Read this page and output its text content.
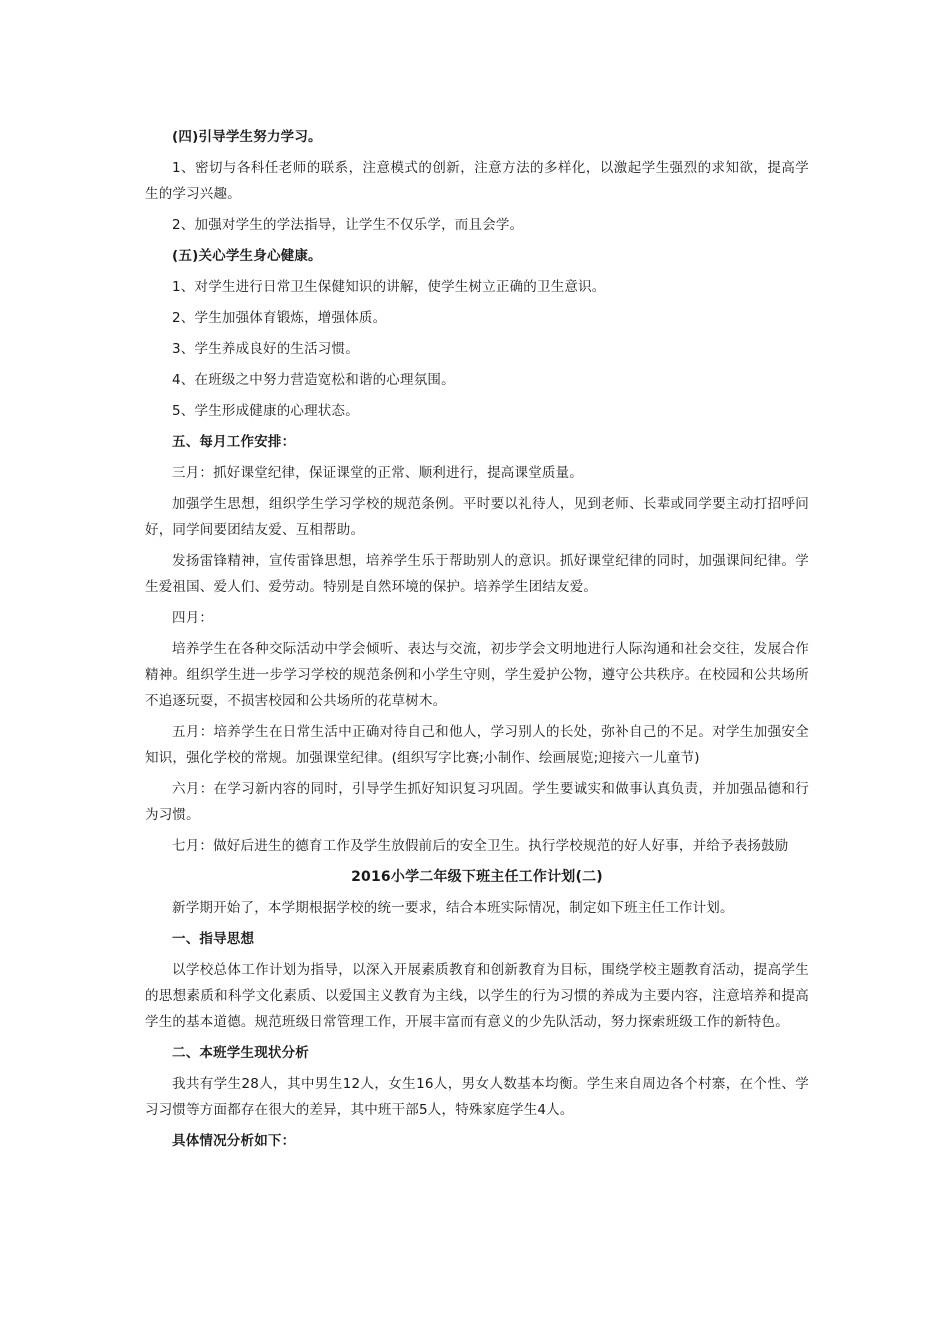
(四)引导学生努力学习。

1、密切与各科任老师的联系，注意模式的创新，注意方法的多样化，以激起学生强烈的求知欲，提高学生的学习兴趣。

2、加强对学生的学法指导，让学生不仅乐学，而且会学。

(五)关心学生身心健康。

1、对学生进行日常卫生保健知识的讲解，使学生树立正确的卫生意识。

2、学生加强体育锻炼，增强体质。

3、学生养成良好的生活习惯。

4、在班级之中努力营造宽松和谐的心理氛围。

5、学生形成健康的心理状态。

五、每月工作安排：

三月：抓好课堂纪律，保证课堂的正常、顺利进行，提高课堂质量。

加强学生思想，组织学生学习学校的规范条例。平时要以礼待人，见到老师、长辈或同学要主动打招呼问好，同学间要团结友爱、互相帮助。

发扬雷锋精神，宣传雷锋思想，培养学生乐于帮助别人的意识。抓好课堂纪律的同时，加强课间纪律。学生爱祖国、爱人们、爱劳动。特别是自然环境的保护。培养学生团结友爱。

四月：

培养学生在各种交际活动中学会倾听、表达与交流，初步学会文明地进行人际沟通和社会交往，发展合作精神。组织学生进一步学习学校的规范条例和小学生守则，学生爱护公物，遵守公共秩序。在校园和公共场所不追逐玩耍，不损害校园和公共场所的花草树木。

五月：培养学生在日常生活中正确对待自己和他人，学习别人的长处，弥补自己的不足。对学生加强安全知识，强化学校的常规。加强课堂纪律。(组织写字比赛;小制作、绘画展览;迎接六一儿童节)

六月：在学习新内容的同时，引导学生抓好知识复习巩固。学生要诚实和做事认真负责，并加强品德和行为习惯。

七月：做好后进生的德育工作及学生放假前后的安全卫生。执行学校规范的好人好事，并给予表扬鼓励

2016小学二年级下班主任工作计划(二)

新学期开始了，本学期根据学校的统一要求，结合本班实际情况，制定如下班主任工作计划。

一、指导思想

以学校总体工作计划为指导，以深入开展素质教育和创新教育为目标，围绕学校主题教育活动，提高学生的思想素质和科学文化素质、以爱国主义教育为主线，以学生的行为习惯的养成为主要内容，注意培养和提高学生的基本道德。规范班级日常管理工作，开展丰富而有意义的少先队活动，努力探索班级工作的新特色。

二、本班学生现状分析

我共有学生28人，其中男生12人，女生16人，男女人数基本均衡。学生来自周边各个村寨，在个性、学习习惯等方面都存在很大的差异，其中班干部5人，特殊家庭学生4人。

具体情况分析如下：
